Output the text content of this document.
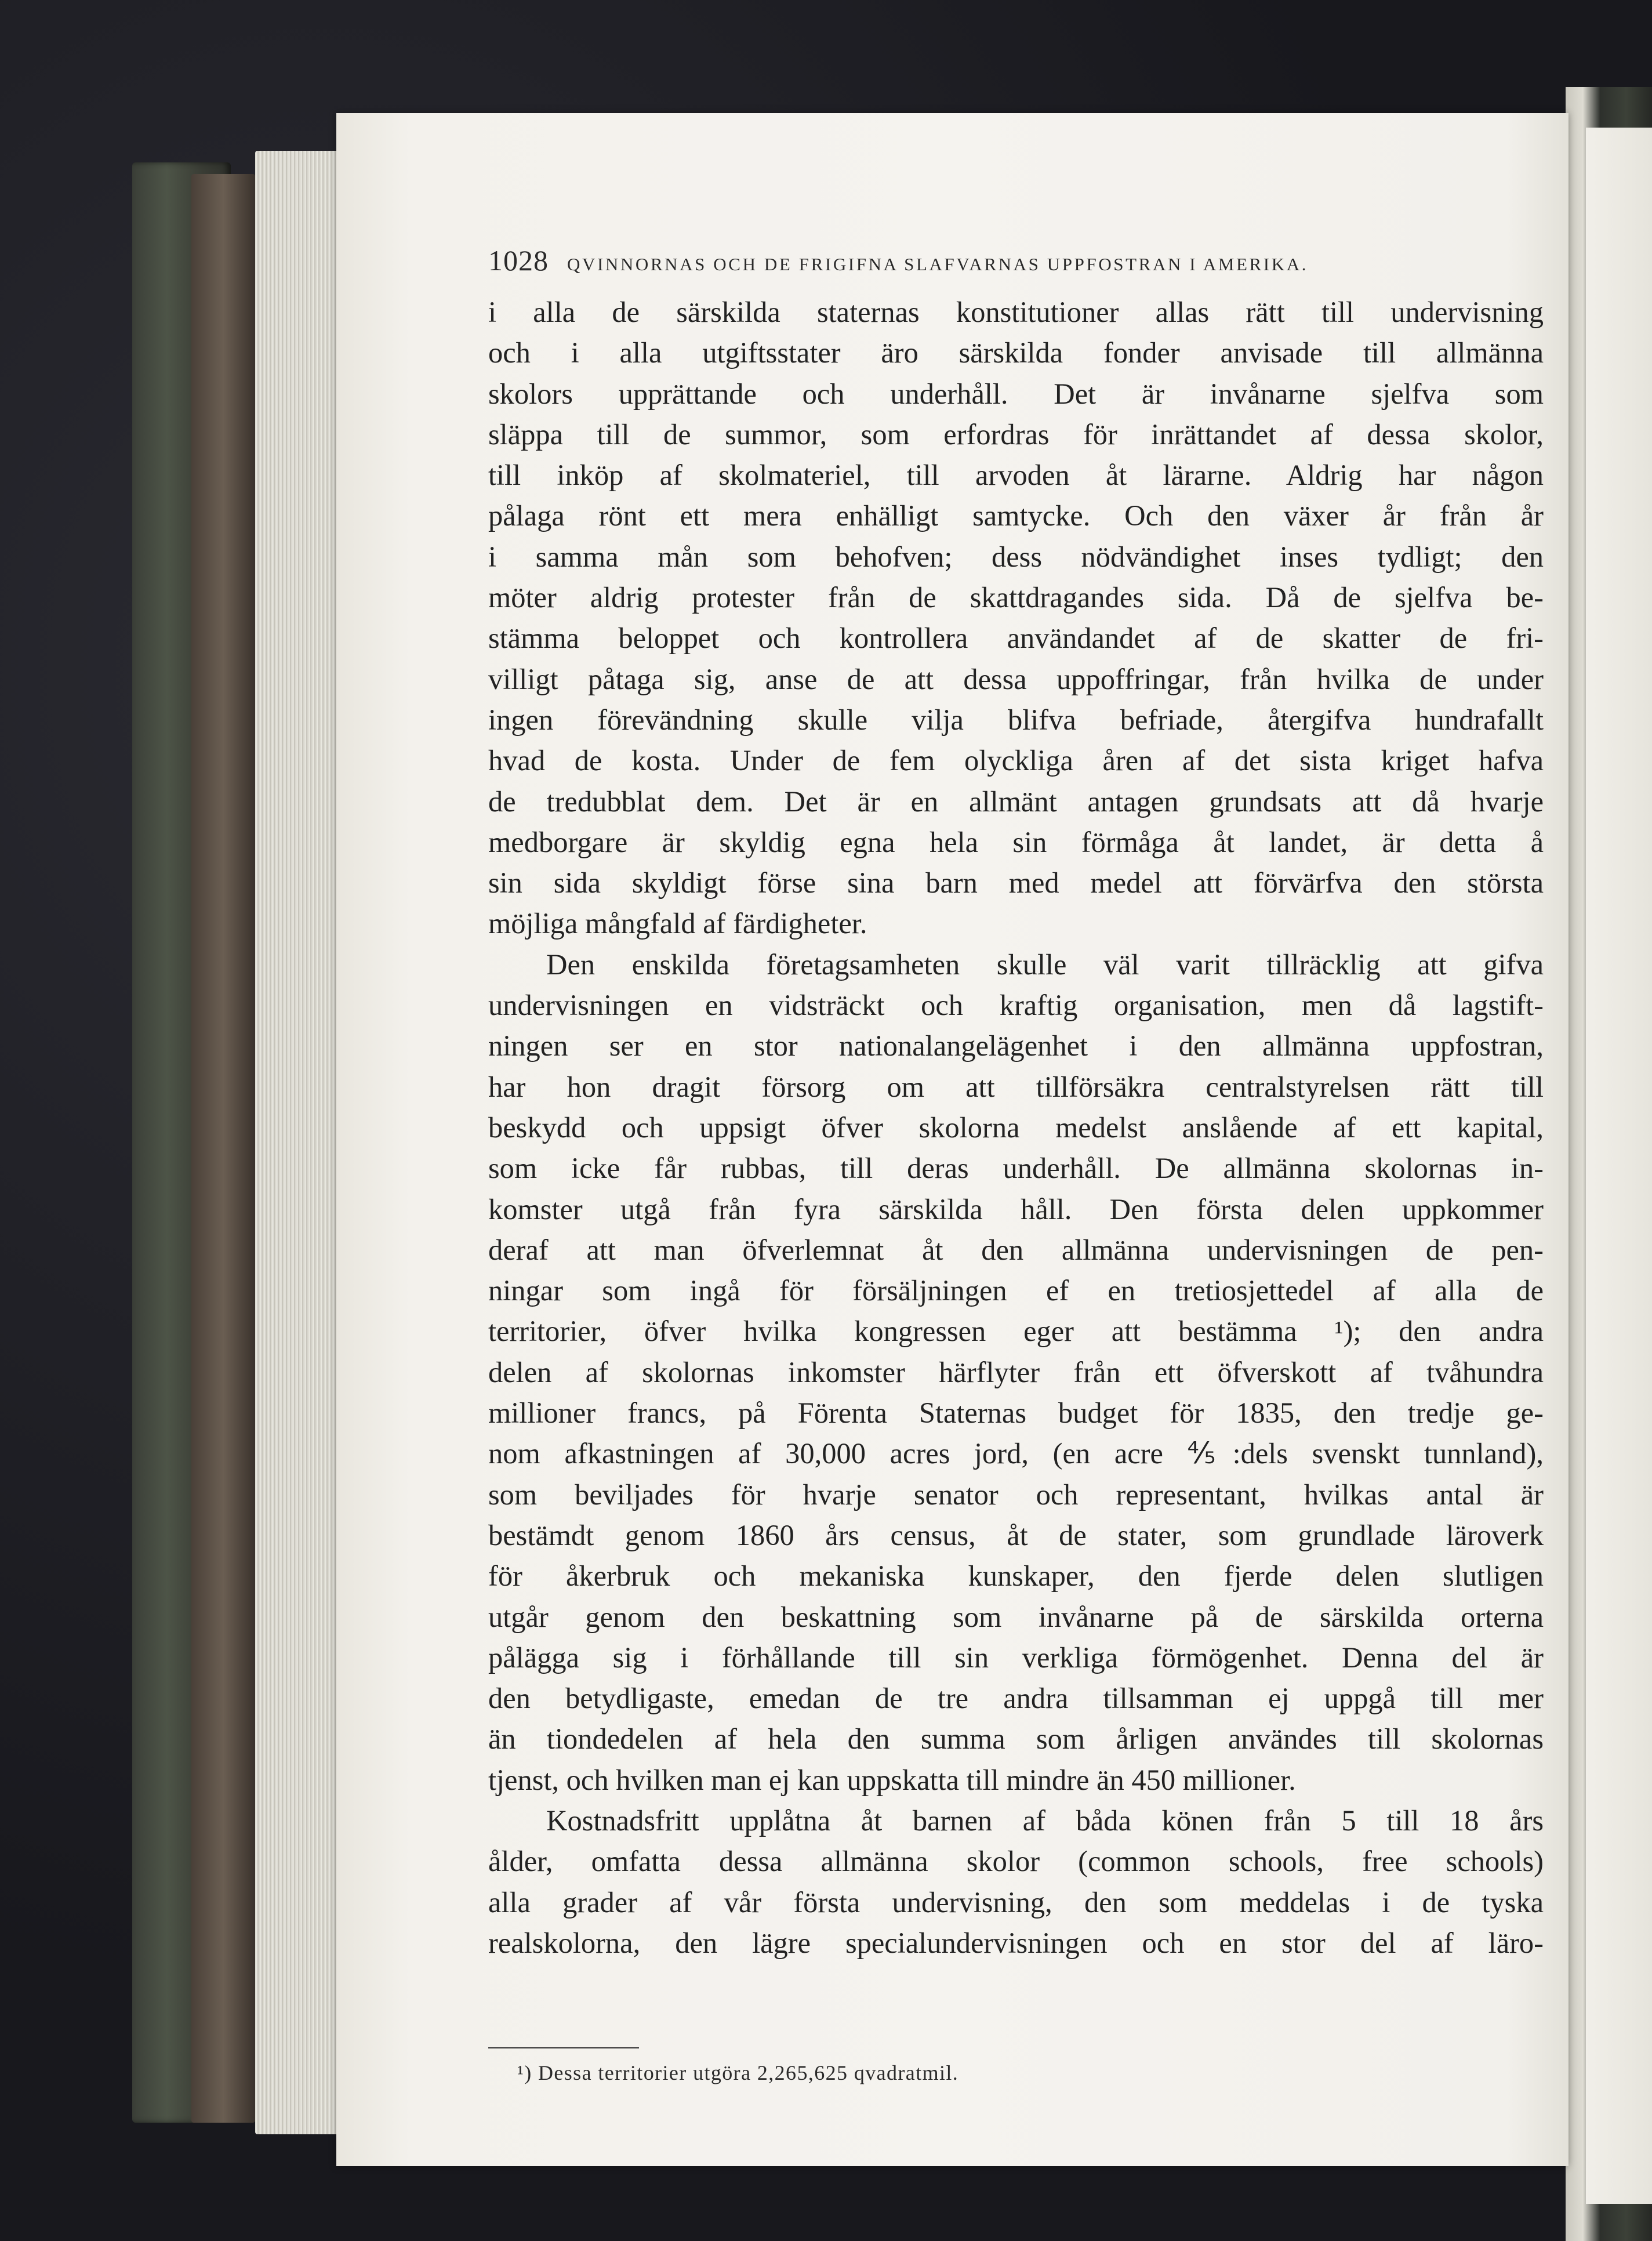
1028 QVINNORNAS OCH DE FRIGIFNA SLAFVARNAS UPPFOSTRAN I AMERIKA.
i alla de särskilda staternas konstitutioner allas rätt till undervisning
och i alla utgiftsstater äro särskilda fonder anvisade till allmänna
skolors upprättande och underhåll. Det är invånarne sjelfva som
släppa till de summor, som erfordras för inrättandet af dessa skolor,
till inköp af skolmateriel, till arvoden åt lärarne. Aldrig har någon
pålaga rönt ett mera enhälligt samtycke. Och den växer år från år
i samma mån som behofven; dess nödvändighet inses tydligt; den
möter aldrig protester från de skattdragandes sida. Då de sjelfva be-
stämma beloppet och kontrollera användandet af de skatter de fri-
villigt påtaga sig, anse de att dessa uppoffringar, från hvilka de under
ingen förevändning skulle vilja blifva befriade, återgifva hundrafallt
hvad de kosta. Under de fem olyckliga åren af det sista kriget hafva
de tredubblat dem. Det är en allmänt antagen grundsats att då hvarje
medborgare är skyldig egna hela sin förmåga åt landet, är detta å
sin sida skyldigt förse sina barn med medel att förvärfva den största
möjliga mångfald af färdigheter.
Den enskilda företagsamheten skulle väl varit tillräcklig att gifva
undervisningen en vidsträckt och kraftig organisation, men då lagstift-
ningen ser en stor nationalangelägenhet i den allmänna uppfostran,
har hon dragit försorg om att tillförsäkra centralstyrelsen rätt till
beskydd och uppsigt öfver skolorna medelst anslående af ett kapital,
som icke får rubbas, till deras underhåll. De allmänna skolornas in-
komster utgå från fyra särskilda håll. Den första delen uppkommer
deraf att man öfverlemnat åt den allmänna undervisningen de pen-
ningar som ingå för försäljningen ef en tretiosjettedel af alla de
territorier, öfver hvilka kongressen eger att bestämma ¹); den andra
delen af skolornas inkomster härflyter från ett öfverskott af tvåhundra
millioner francs, på Förenta Staternas budget för 1835, den tredje ge-
nom afkastningen af 30,000 acres jord, (en acre ⅘:dels svenskt tunnland),
som beviljades för hvarje senator och representant, hvilkas antal är
bestämdt genom 1860 års census, åt de stater, som grundlade läroverk
för åkerbruk och mekaniska kunskaper, den fjerde delen slutligen
utgår genom den beskattning som invånarne på de särskilda orterna
pålägga sig i förhållande till sin verkliga förmögenhet. Denna del är
den betydligaste, emedan de tre andra tillsamman ej uppgå till mer
än tiondedelen af hela den summa som årligen användes till skolornas
tjenst, och hvilken man ej kan uppskatta till mindre än 450 millioner.
Kostnadsfritt upplåtna åt barnen af båda könen från 5 till 18 års
ålder, omfatta dessa allmänna skolor (common schools, free schools)
alla grader af vår första undervisning, den som meddelas i de tyska
realskolorna, den lägre specialundervisningen och en stor del af läro-
¹) Dessa territorier utgöra 2,265,625 qvadratmil.
